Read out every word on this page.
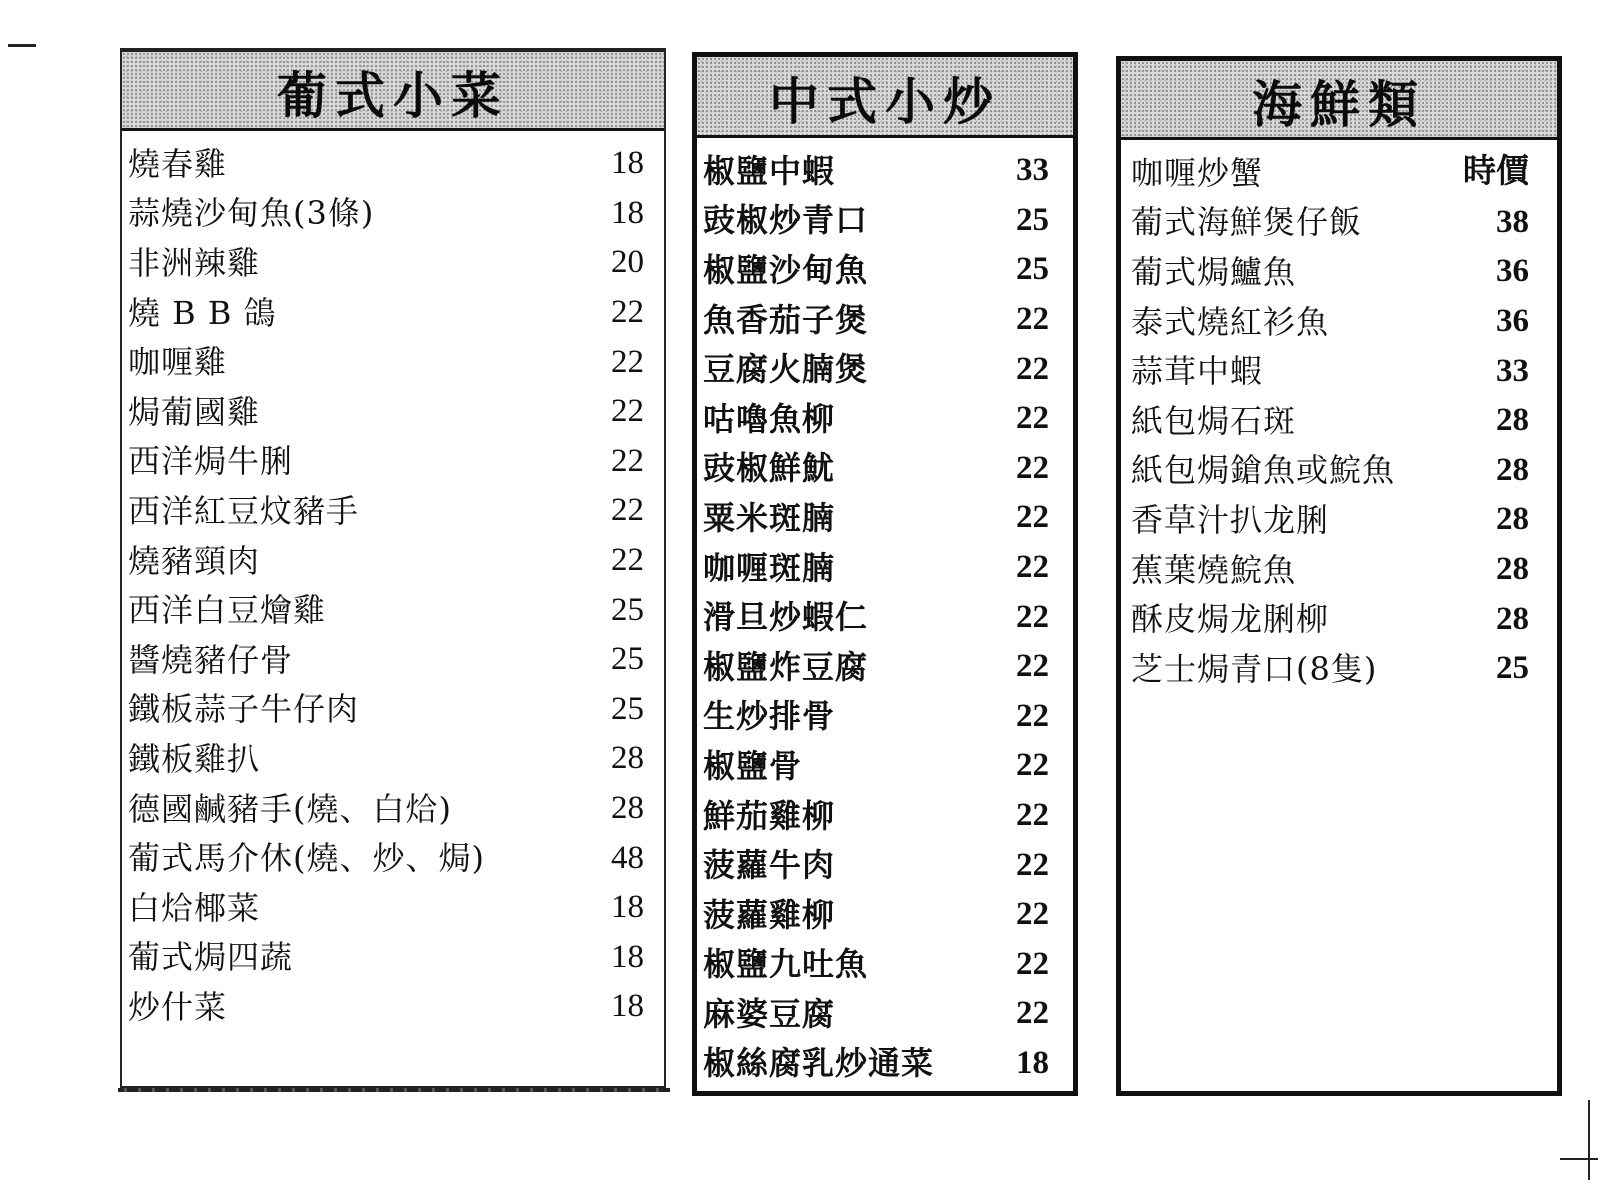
葡式小菜
燒春雞	18
蒜燒沙甸魚(3條)	18
非洲辣雞	20
燒 B B 鴿	22
咖喱雞	22
焗葡國雞	22
西洋焗牛脷	22
西洋紅豆炆豬手	22
燒豬頸肉	22
西洋白豆燴雞	25
醬燒豬仔骨	25
鐵板蒜子牛仔肉	25
鐵板雞扒	28
德國鹹豬手(燒、白烚)	28
葡式馬介休(燒、炒、焗)	48
白烚椰菜	18
葡式焗四蔬	18
炒什菜	18
中式小炒
椒鹽中蝦	33
豉椒炒青口	25
椒鹽沙甸魚	25
魚香茄子煲	22
豆腐火腩煲	22
咕嚕魚柳	22
豉椒鮮魷	22
粟米斑腩	22
咖喱斑腩	22
滑旦炒蝦仁	22
椒鹽炸豆腐	22
生炒排骨	22
椒鹽骨	22
鮮茄雞柳	22
菠蘿牛肉	22
菠蘿雞柳	22
椒鹽九吐魚	22
麻婆豆腐	22
椒絲腐乳炒通菜 18
海鮮類
咖喱炒蟹	時價
葡式海鮮煲仔飯	38
葡式焗鱸魚	36
泰式燒紅衫魚	36
蒜茸中蝦	33
紙包焗石斑	28
紙包焗鎗魚或鯇魚	28
香草汁扒龙脷	28
蕉葉燒鯇魚	28
酥皮焗龙脷柳	28
芝士焗青口(8隻)	25
